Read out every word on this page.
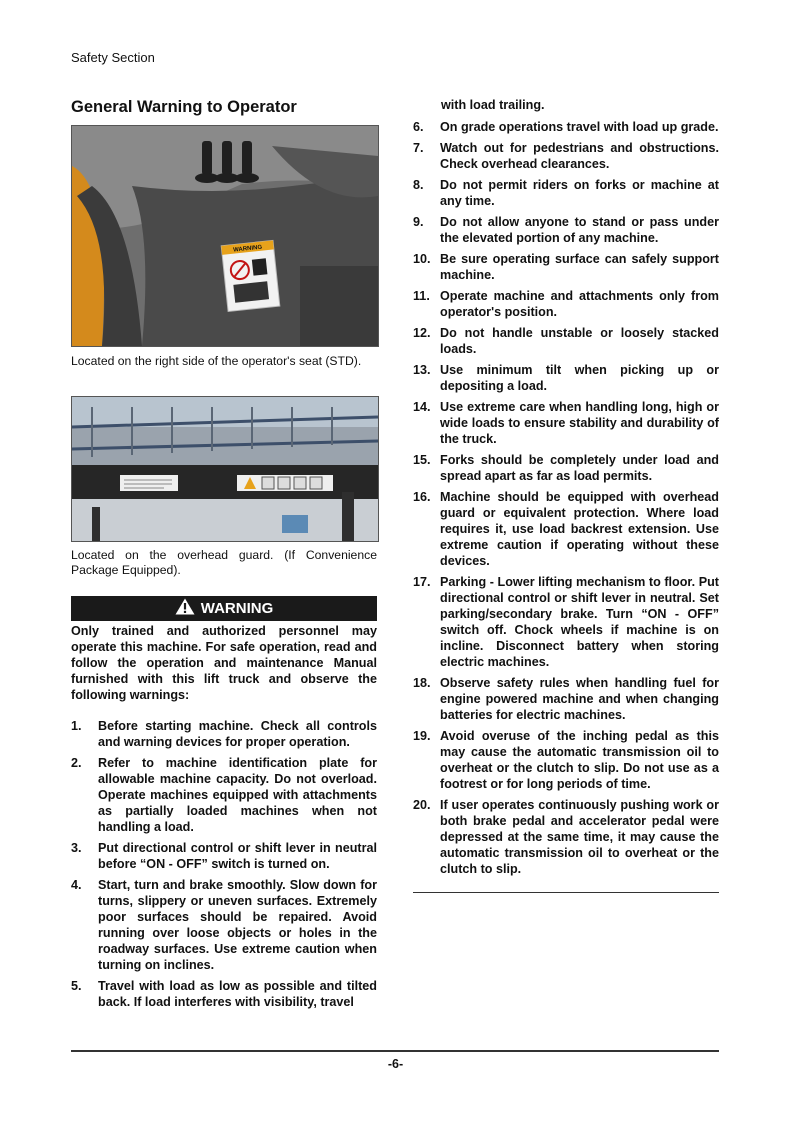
Safety Section
General Warning to Operator
WARNING
Located on the right side of the operator's seat (STD).
Located on the overhead guard. (If Convenience Package Equipped).
WARNING
Only trained and authorized personnel may operate this machine. For safe operation, read and follow the operation and maintenance Manual furnished with this lift truck and observe the following warnings:
1. Before starting machine. Check all controls and warning devices for proper operation.
2. Refer to machine identification plate for allowable machine capacity. Do not overload. Operate machines equipped with attachments as partially loaded machines when not handling a load.
3. Put directional control or shift lever in neutral before “ON - OFF” switch is turned on.
4. Start, turn and brake smoothly. Slow down for turns, slippery or uneven surfaces. Extremely poor surfaces should be repaired. Avoid running over loose objects or holes in the roadway surfaces. Use extreme caution when turning on inclines.
5. Travel with load as low as possible and tilted back. If load interferes with visibility, travel
with load trailing.
6. On grade operations travel with load up grade.
7. Watch out for pedestrians and obstructions. Check overhead clearances.
8. Do not permit riders on forks or machine at any time.
9. Do not allow anyone to stand or pass under the elevated portion of any machine.
10. Be sure operating surface can safely support machine.
11. Operate machine and attachments only from operator's position.
12. Do not handle unstable or loosely stacked loads.
13. Use minimum tilt when picking up or depositing a load.
14. Use extreme care when handling long, high or wide loads to ensure stability and durability of the truck.
15. Forks should be completely under load and spread apart as far as load permits.
16. Machine should be equipped with overhead guard or equivalent protection. Where load requires it, use load backrest extension. Use extreme caution if operating without these devices.
17. Parking - Lower lifting mechanism to floor. Put directional control or shift lever in neutral. Set parking/secondary brake. Turn “ON - OFF” switch off. Chock wheels if machine is on incline. Disconnect battery when storing electric machines.
18. Observe safety rules when handling fuel for engine powered machine and when changing batteries for electric machines.
19. Avoid overuse of the inching pedal as this may cause the automatic transmission oil to overheat or the clutch to slip. Do not use as a footrest or for long periods of time.
20. If user operates continuously pushing work or both brake pedal and accelerator pedal were depressed at the same time, it may cause the automatic transmission oil to overheat or the clutch to slip.
-6-
